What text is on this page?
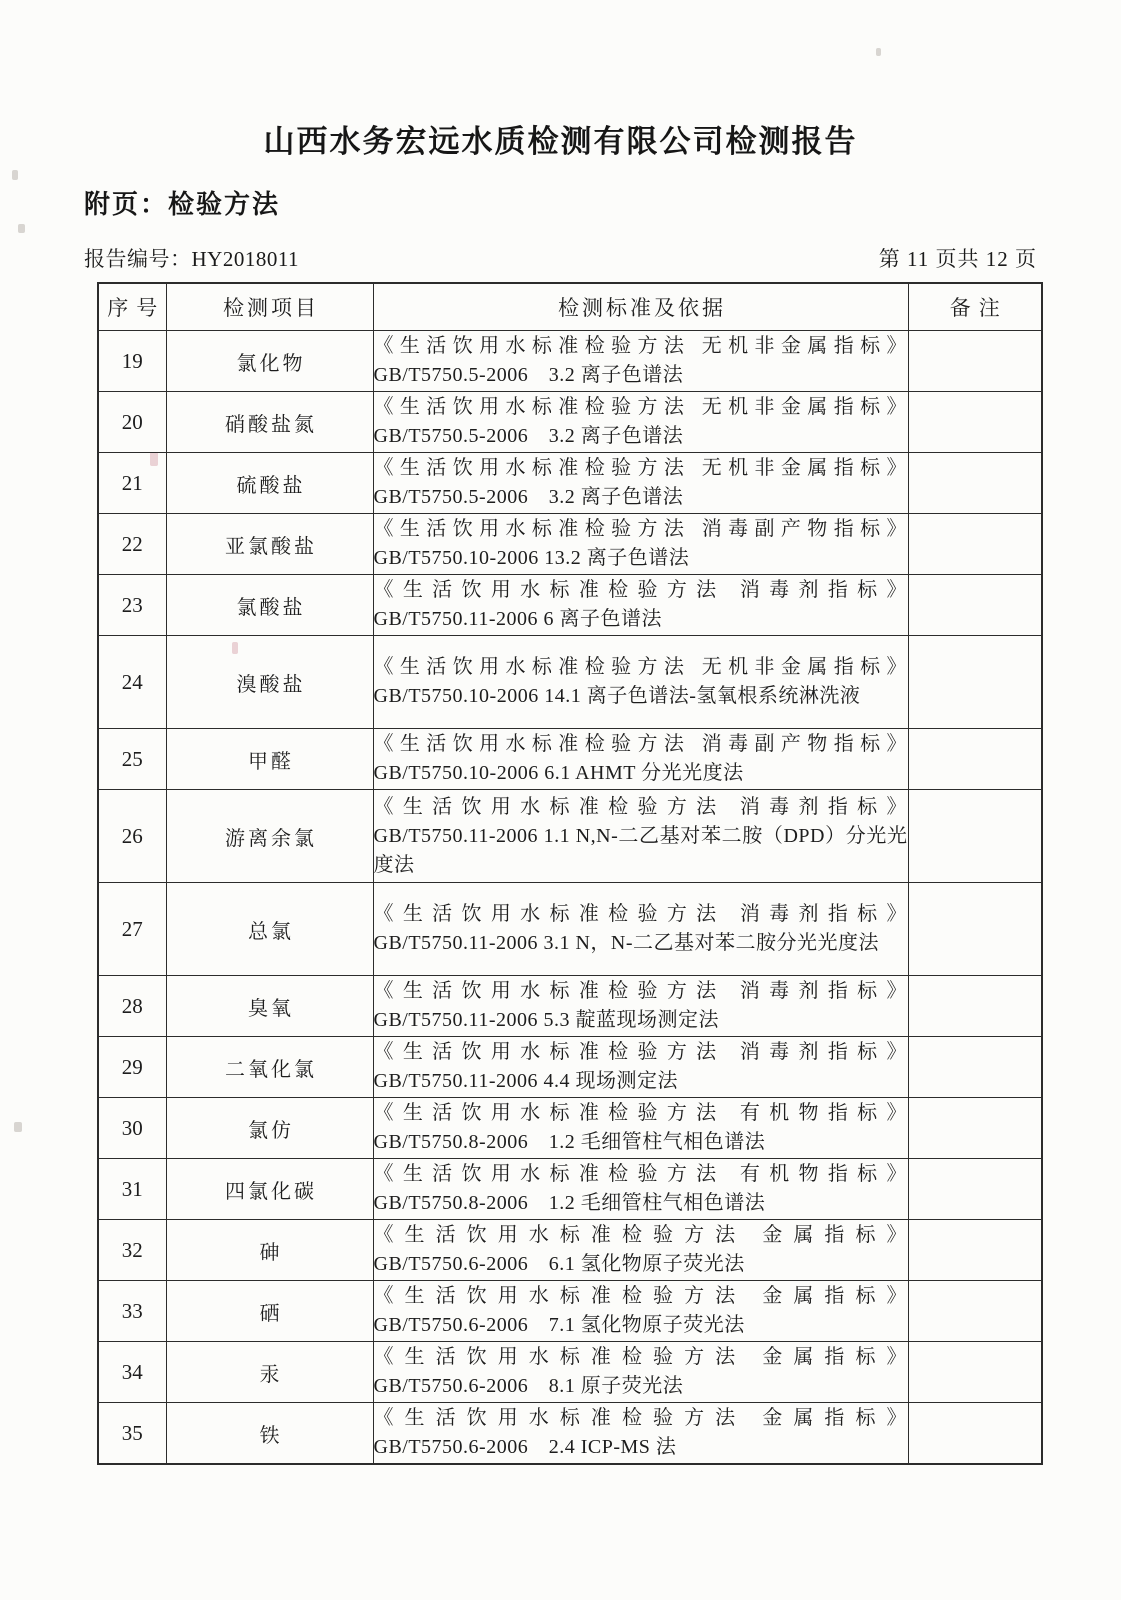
山西水务宏远水质检测有限公司检测报告
附页：检验方法
报告编号：HY2018011	第 11 页共 12 页
序号	检测项目	检测标准及依据	备注
19	氯化物	《生活饮用水标准检验方法 无机非金属指标》
GB/T5750.5-2006 3.2 离子色谱法	

20	硝酸盐氮	《生活饮用水标准检验方法 无机非金属指标》
GB/T5750.5-2006 3.2 离子色谱法	

21	硫酸盐	《生活饮用水标准检验方法 无机非金属指标》
GB/T5750.5-2006 3.2 离子色谱法	

22	亚氯酸盐	《生活饮用水标准检验方法 消毒副产物指标》
GB/T5750.10-2006 13.2 离子色谱法	

23	氯酸盐	《生活饮用水标准检验方法 消毒剂指标》
GB/T5750.11-2006 6 离子色谱法	

24	溴酸盐	《生活饮用水标准检验方法 无机非金属指标》
GB/T5750.10-2006 14.1 离子色谱法-氢氧根系统淋洗液	

25	甲醛	《生活饮用水标准检验方法 消毒副产物指标》
GB/T5750.10-2006 6.1 AHMT 分光光度法	

26	游离余氯	《生活饮用水标准检验方法 消毒剂指标》
GB/T5750.11-2006 1.1 N,N-二乙基对苯二胺（DPD）分光光度法	

27	总氯	《生活饮用水标准检验方法 消毒剂指标》
GB/T5750.11-2006 3.1 N，N-二乙基对苯二胺分光光度法	

28	臭氧	《生活饮用水标准检验方法 消毒剂指标》
GB/T5750.11-2006 5.3 靛蓝现场测定法	

29	二氧化氯	《生活饮用水标准检验方法 消毒剂指标》
GB/T5750.11-2006 4.4 现场测定法	

30	氯仿	《生活饮用水标准检验方法 有机物指标》
GB/T5750.8-2006 1.2 毛细管柱气相色谱法	

31	四氯化碳	《生活饮用水标准检验方法 有机物指标》
GB/T5750.8-2006 1.2 毛细管柱气相色谱法	

32	砷	《生活饮用水标准检验方法 金属指标》
GB/T5750.6-2006 6.1 氢化物原子荧光法	

33	硒	《生活饮用水标准检验方法 金属指标》
GB/T5750.6-2006 7.1 氢化物原子荧光法	

34	汞	《生活饮用水标准检验方法 金属指标》
GB/T5750.6-2006 8.1 原子荧光法	

35	铁	《生活饮用水标准检验方法 金属指标》
GB/T5750.6-2006 2.4 ICP-MS 法	
